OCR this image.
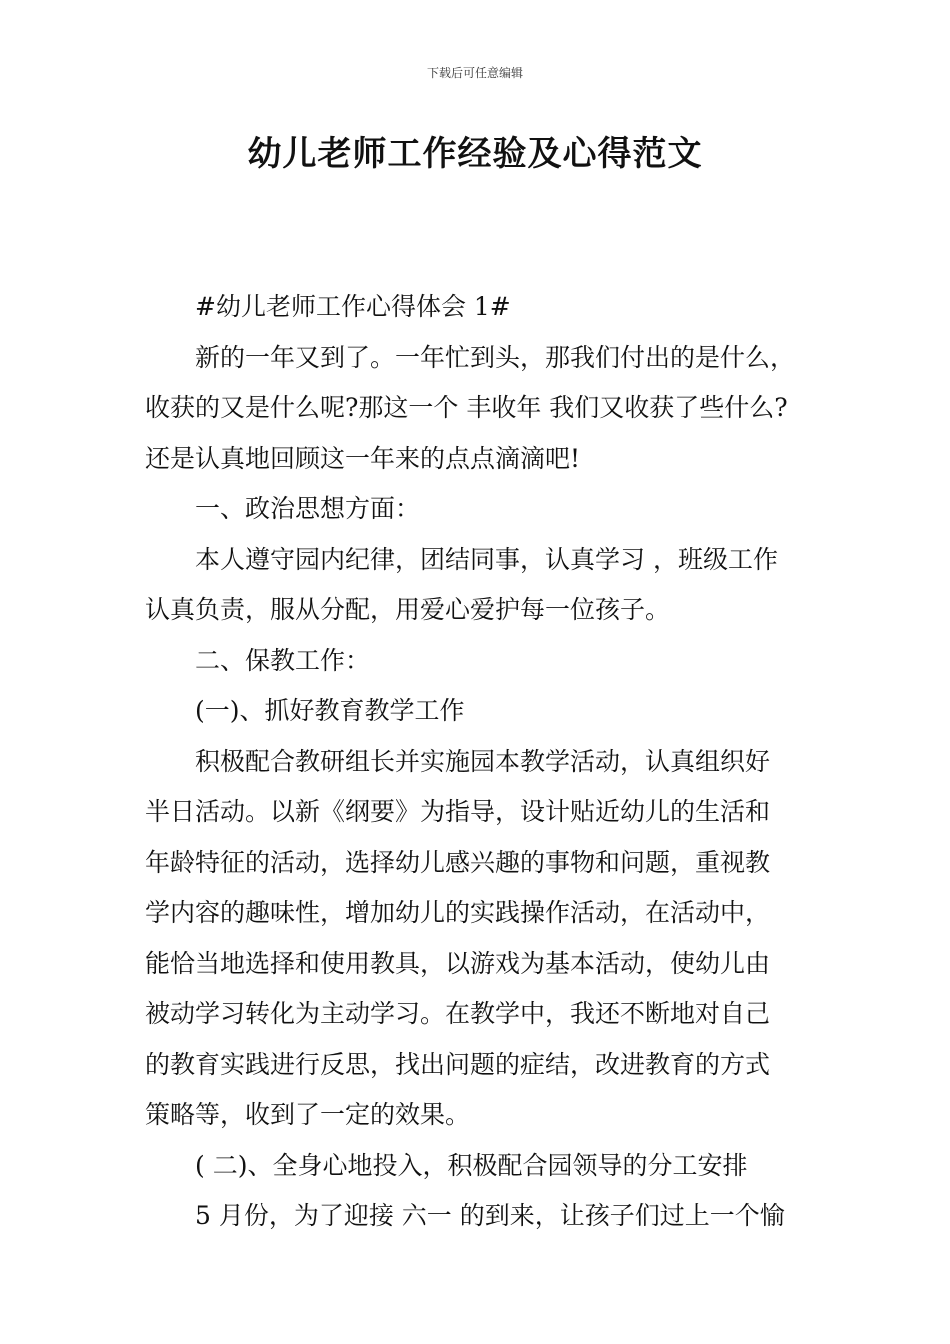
下载后可任意编辑
幼儿老师工作经验及心得范文
#幼儿老师工作心得体会 1#
新的一年又到了。一年忙到头，那我们付出的是什么，
收获的又是什么呢?那这一个 丰收年 我们又收获了些什么?
还是认真地回顾这一年来的点点滴滴吧!
一、政治思想方面：
本人遵守园内纪律，团结同事，认真学习 ，班级工作
认真负责，服从分配，用爱心爱护每一位孩子。
二、保教工作：
(一)、抓好教育教学工作
积极配合教研组长并实施园本教学活动，认真组织好
半日活动。以新《纲要》为指导，设计贴近幼儿的生活和
年龄特征的活动，选择幼儿感兴趣的事物和问题，重视教
学内容的趣味性，增加幼儿的实践操作活动，在活动中，
能恰当地选择和使用教具，以游戏为基本活动，使幼儿由
被动学习转化为主动学习。在教学中，我还不断地对自己
的教育实践进行反思，找出问题的症结，改进教育的方式
策略等，收到了一定的效果。
( 二)、全身心地投入，积极配合园领导的分工安排
5 月份，为了迎接 六一 的到来，让孩子们过上一个愉
